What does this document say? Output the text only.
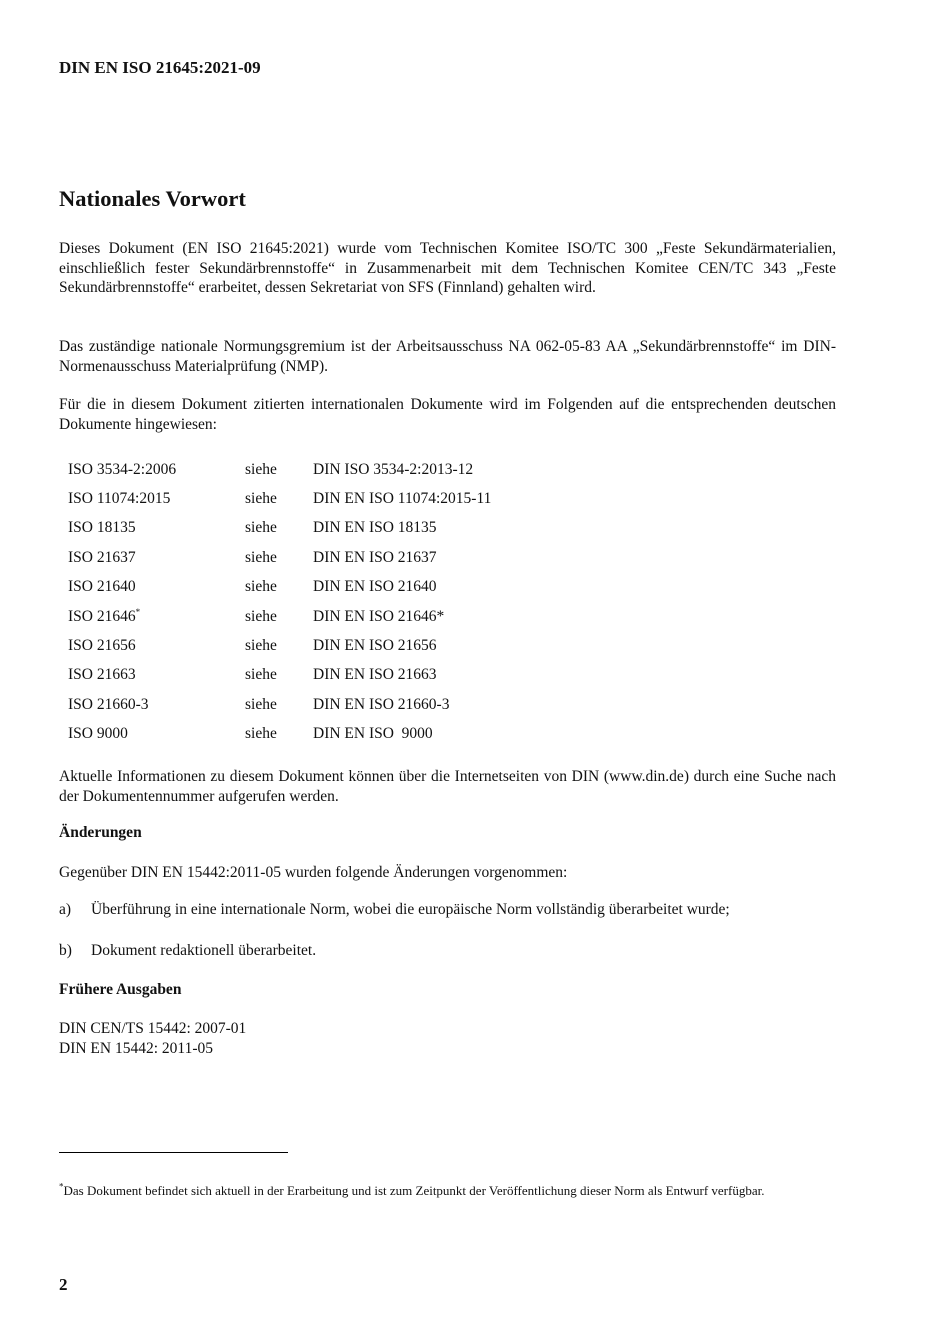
DIN EN ISO 21645:2021-09
Nationales Vorwort

Dieses Dokument (EN ISO 21645:2021) wurde vom Technischen Komitee ISO/TC 300 „Feste Sekundärmaterialien, einschließlich fester Sekundärbrennstoffe“ in Zusammenarbeit mit dem Technischen Komitee CEN/TC 343 „Feste Sekundärbrennstoffe“ erarbeitet, dessen Sekretariat von SFS (Finnland) gehalten wird.

Das zuständige nationale Normungsgremium ist der Arbeitsausschuss NA 062-05-83 AA „Sekundärbrennstoffe“ im DIN-Normenausschuss Materialprüfung (NMP).

Für die in diesem Dokument zitierten internationalen Dokumente wird im Folgenden auf die entsprechenden deutschen Dokumente hingewiesen:

ISO 3534-2:2006	siehe	DIN ISO 3534-2:2013-12
ISO 11074:2015	siehe	DIN EN ISO 11074:2015-11
ISO 18135	siehe	DIN EN ISO 18135
ISO 21637	siehe	DIN EN ISO 21637
ISO 21640	siehe	DIN EN ISO 21640
ISO 21646*	siehe	DIN EN ISO 21646*
ISO 21656	siehe	DIN EN ISO 21656
ISO 21663	siehe	DIN EN ISO 21663
ISO 21660-3	siehe	DIN EN ISO 21660-3
ISO 9000	siehe	DIN EN ISO  9000

Aktuelle Informationen zu diesem Dokument können über die Internetseiten von DIN (www.din.de) durch eine Suche nach der Dokumentennummer aufgerufen werden.

Änderungen

Gegenüber DIN EN 15442:2011-05 wurden folgende Änderungen vorgenommen:

a) Überführung in eine internationale Norm, wobei die europäische Norm vollständig überarbeitet wurde;
b) Dokument redaktionell überarbeitet.
Frühere Ausgaben
DIN CEN/TS 15442: 2007-01
DIN EN 15442: 2011-05

*Das Dokument befindet sich aktuell in der Erarbeitung und ist zum Zeitpunkt der Veröffentlichung dieser Norm als Entwurf verfügbar.

2
